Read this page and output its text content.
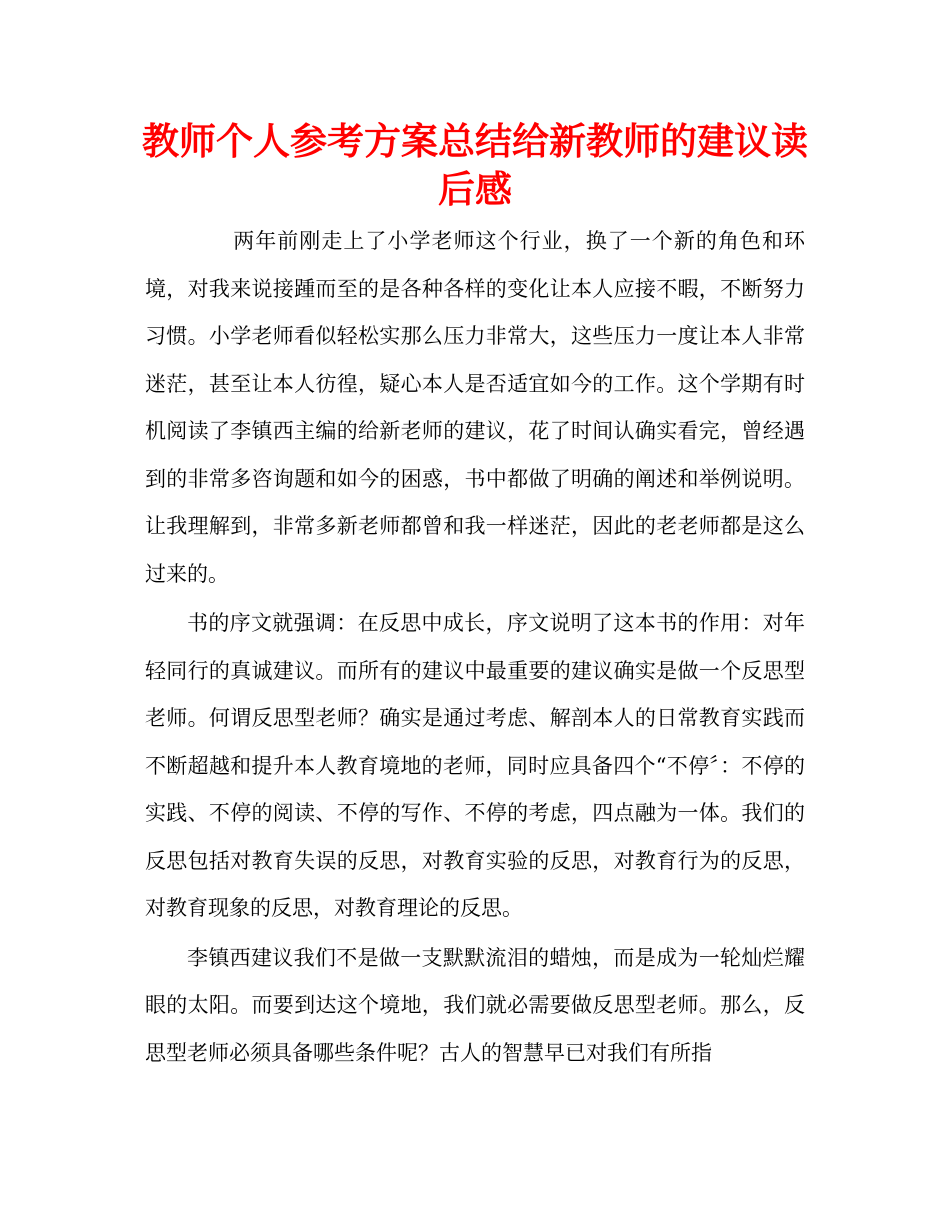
教师个人参考方案总结给新教师的建议读后感

两年前刚走上了小学老师这个行业，换了一个新的角色和环境，对我来说接踵而至的是各种各样的变化让本人应接不暇，不断努力习惯。小学老师看似轻松实那么压力非常大，这些压力一度让本人非常迷茫，甚至让本人彷徨，疑心本人是否适宜如今的工作。这个学期有时机阅读了李镇西主编的给新老师的建议，花了时间认确实看完，曾经遇到的非常多咨询题和如今的困惑，书中都做了明确的阐述和举例说明。让我理解到，非常多新老师都曾和我一样迷茫，因此的老老师都是这么过来的。

书的序文就强调：在反思中成长，序文说明了这本书的作用：对年轻同行的真诚建议。而所有的建议中最重要的建议确实是做一个反思型老师。何谓反思型老师？确实是通过考虑、解剖本人的日常教育实践而不断超越和提升本人教育境地的老师，同时应具备四个“不停〞：不停的实践、不停的阅读、不停的写作、不停的考虑，四点融为一体。我们的反思包括对教育失误的反思，对教育实验的反思，对教育行为的反思，对教育现象的反思，对教育理论的反思。

李镇西建议我们不是做一支默默流泪的蜡烛，而是成为一轮灿烂耀眼的太阳。而要到达这个境地，我们就必需要做反思型老师。那么，反思型老师必须具备哪些条件呢？古人的智慧早已对我们有所指
